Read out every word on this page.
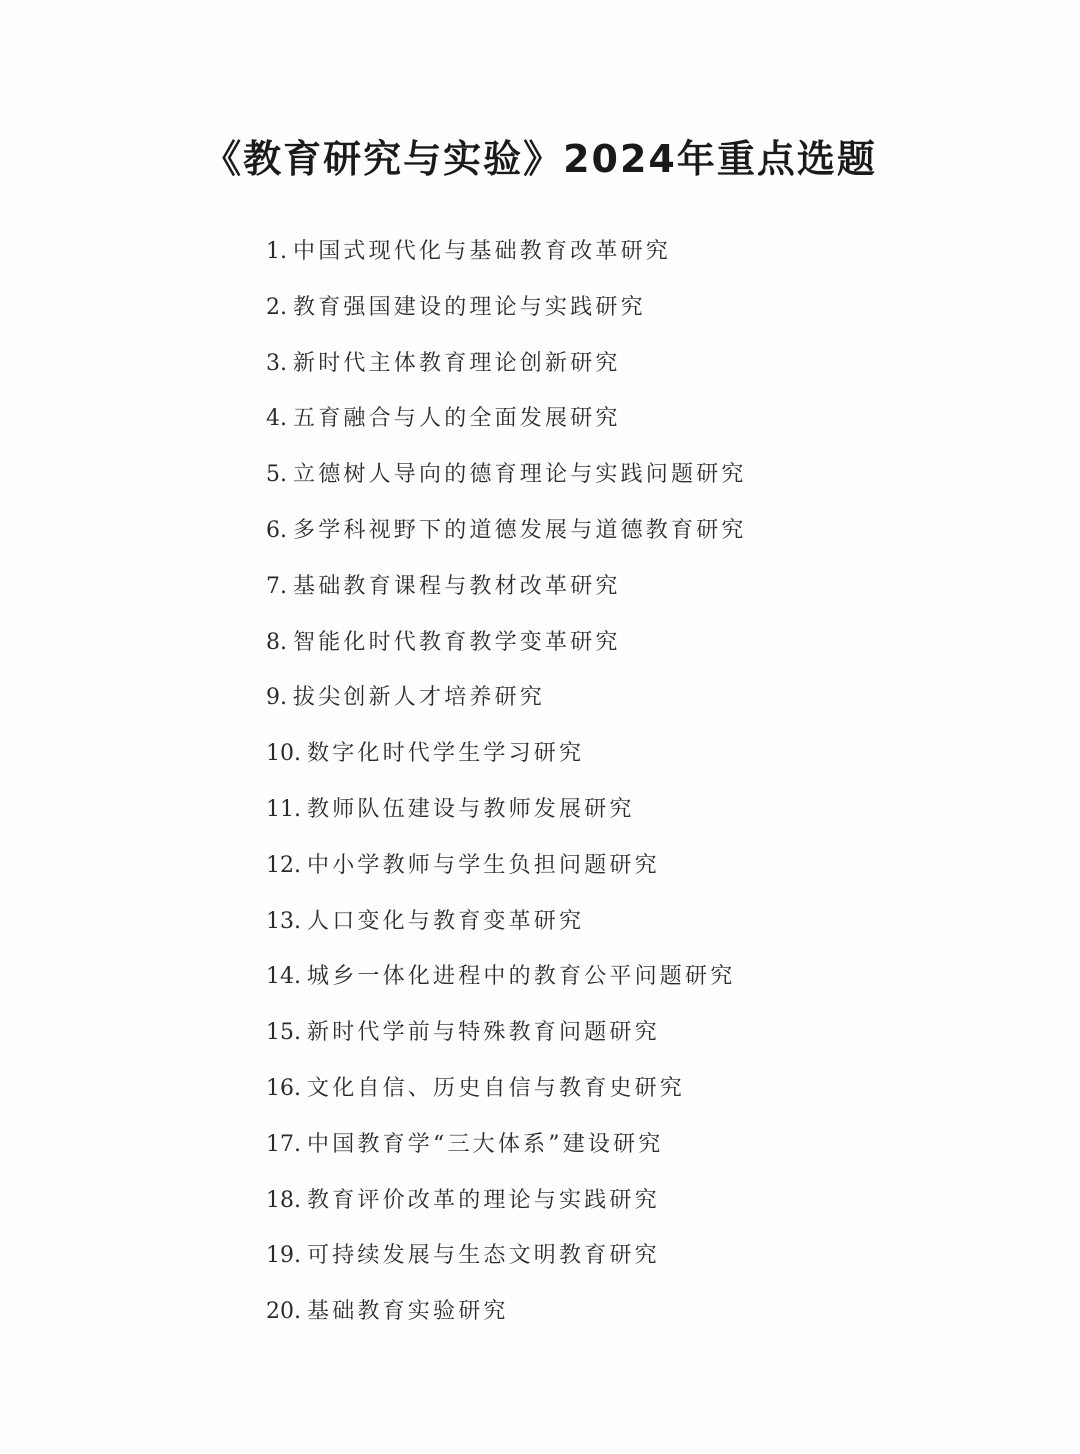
《教育研究与实验》2024年重点选题
1. 中国式现代化与基础教育改革研究
2. 教育强国建设的理论与实践研究
3. 新时代主体教育理论创新研究
4. 五育融合与人的全面发展研究
5. 立德树人导向的德育理论与实践问题研究
6. 多学科视野下的道德发展与道德教育研究
7. 基础教育课程与教材改革研究
8. 智能化时代教育教学变革研究
9. 拔尖创新人才培养研究
10. 数字化时代学生学习研究
11. 教师队伍建设与教师发展研究
12. 中小学教师与学生负担问题研究
13. 人口变化与教育变革研究
14. 城乡一体化进程中的教育公平问题研究
15. 新时代学前与特殊教育问题研究
16. 文化自信、历史自信与教育史研究
17. 中国教育学“三大体系”建设研究
18. 教育评价改革的理论与实践研究
19. 可持续发展与生态文明教育研究
20. 基础教育实验研究
